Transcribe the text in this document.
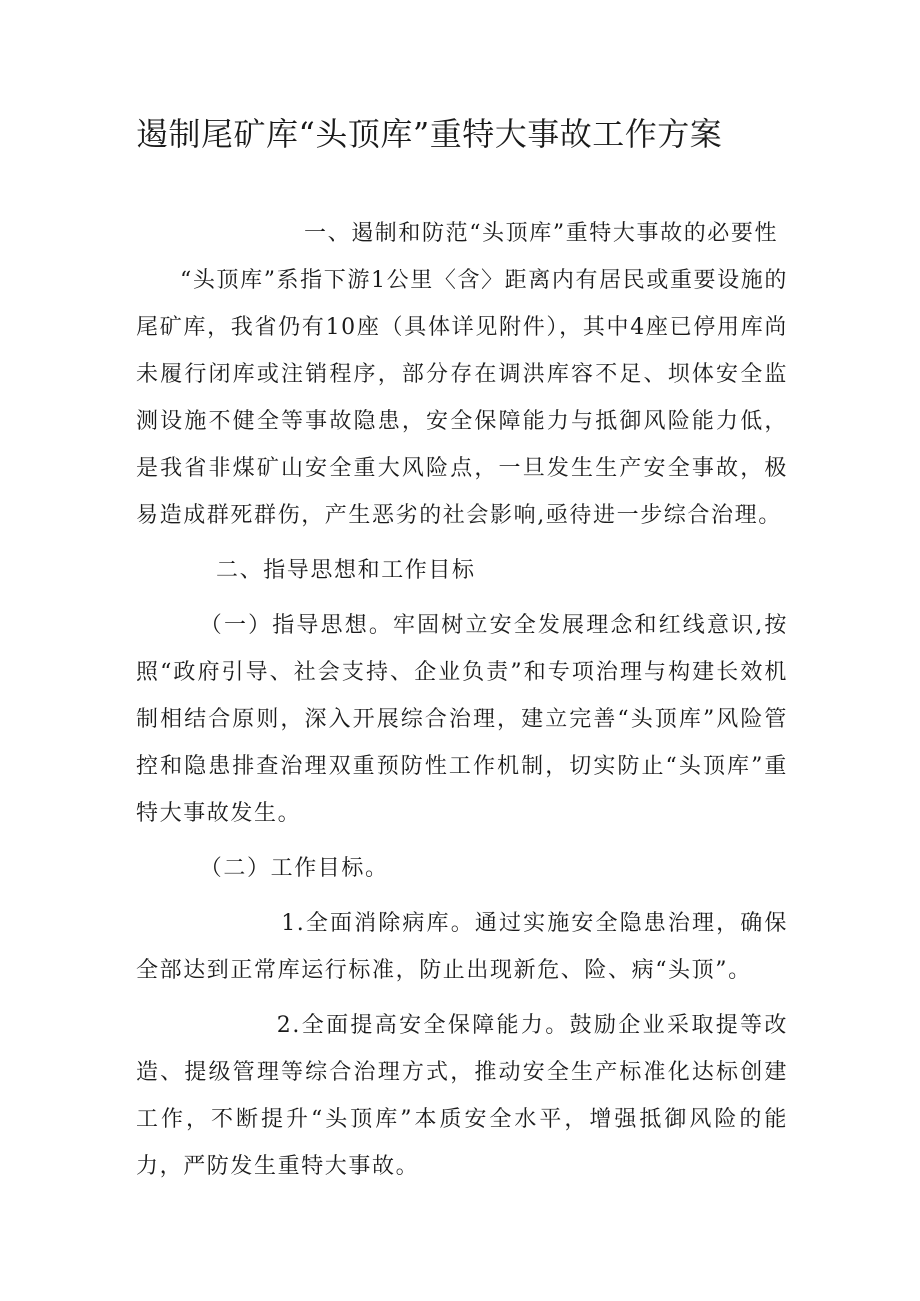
遏制尾矿库“头顶库”重特大事故工作方案

一、遏制和防范“头顶库”重特大事故的必要性

“头顶库”系指下游1公里〈含〉距离内有居民或重要设施的尾矿库，我省仍有10座（具体详见附件），其中4座已停用库尚未履行闭库或注销程序，部分存在调洪库容不足、坝体安全监测设施不健全等事故隐患，安全保障能力与抵御风险能力低，是我省非煤矿山安全重大风险点，一旦发生生产安全事故，极易造成群死群伤，产生恶劣的社会影响,亟待进一步综合治理。

二、指导思想和工作目标

（一）指导思想。牢固树立安全发展理念和红线意识,按照“政府引导、社会支持、企业负责”和专项治理与构建长效机制相结合原则，深入开展综合治理，建立完善“头顶库”风险管控和隐患排查治理双重预防性工作机制，切实防止“头顶库”重特大事故发生。

（二）工作目标。

1.全面消除病库。通过实施安全隐患治理，确保全部达到正常库运行标准，防止出现新危、险、病“头顶”。

2.全面提高安全保障能力。鼓励企业采取提等改造、提级管理等综合治理方式，推动安全生产标准化达标创建工作，不断提升“头顶库”本质安全水平，增强抵御风险的能力，严防发生重特大事故。
